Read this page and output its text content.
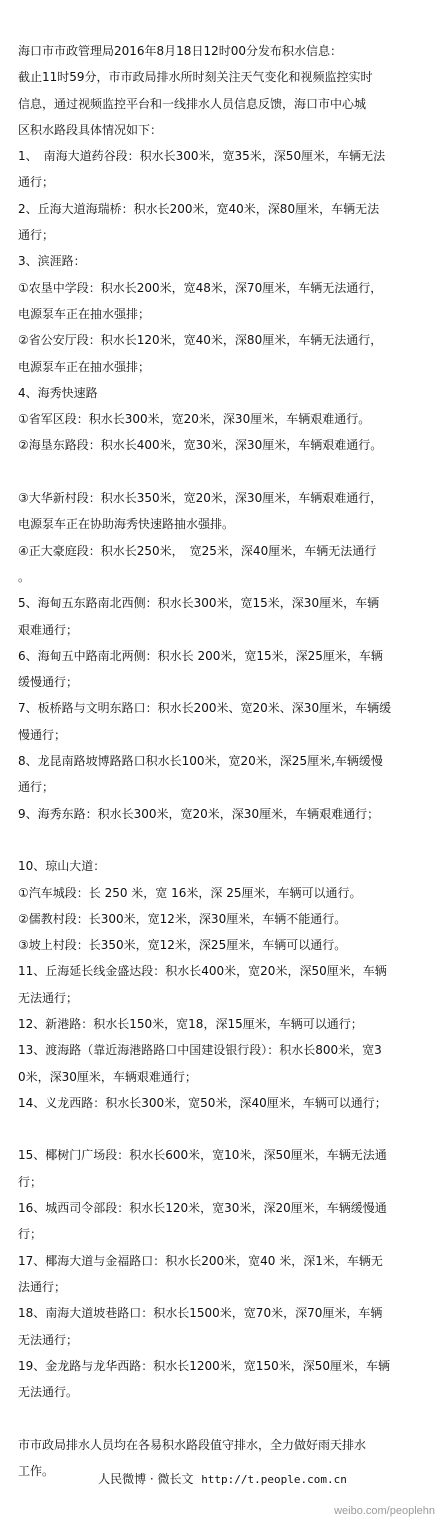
海口市市政管理局2016年8月18日12时00分发布积水信息：

截止11时59分，市市政局排水所时刻关注天气变化和视频监控实时

信息，通过视频监控平台和一线排水人员信息反馈，海口市中心城

区积水路段具体情况如下：

1、　南海大道药谷段：积水长300米，宽35米，深50厘米，车辆无法

通行；

2、丘海大道海瑞桥：积水长200米，宽40米，深80厘米，车辆无法

通行；

3、滨涯路：

①农垦中学段：积水长200米，宽48米，深70厘米，车辆无法通行，

电源泵车正在抽水强排；

②省公安厅段：积水长120米，宽40米，深80厘米，车辆无法通行，

电源泵车正在抽水强排；

4、海秀快速路

①省军区段：积水长300米，宽20米，深30厘米，车辆艰难通行。

②海垦东路段：积水长400米，宽30米，深30厘米，车辆艰难通行。

③大华新村段：积水长350米，宽20米，深30厘米，车辆艰难通行，

电源泵车正在协助海秀快速路抽水强排。

④正大豪庭段：积水长250米，　宽25米，深40厘米，车辆无法通行

。

5、海甸五东路南北西侧：积水长300米，宽15米，深30厘米，车辆

艰难通行；

6、海甸五中路南北两侧：积水长 200米，宽15米，深25厘米，车辆

缓慢通行；

7、板桥路与文明东路口：积水长200米、宽20米、深30厘米，车辆缓

慢通行；

8、龙昆南路坡博路路口积水长100米，宽20米，深25厘米,车辆缓慢

通行；

9、海秀东路：积水长300米，宽20米，深30厘米，车辆艰难通行；

10、琼山大道：

①汽车城段：长 250 米，宽 16米，深 25厘米，车辆可以通行。

②儒教村段：长300米，宽12米，深30厘米，车辆不能通行。

③坡上村段：长350米，宽12米，深25厘米，车辆可以通行。

11、丘海延长线金盛达段：积水长400米，宽20米，深50厘米，车辆

无法通行；

12、新港路：积水长150米，宽18，深15厘米，车辆可以通行；

13、渡海路（靠近海港路路口中国建设银行段）：积水长800米，宽3

0米，深30厘米，车辆艰难通行；

14、义龙西路：积水长300米，宽50米，深40厘米，车辆可以通行；

15、椰树门广场段：积水长600米，宽10米，深50厘米，车辆无法通

行；

16、城西司令部段：积水长120米，宽30米，深20厘米，车辆缓慢通

行；

17、椰海大道与金福路口：积水长200米，宽40 米，深1米，车辆无

法通行；

18、南海大道坡巷路口：积水长1500米，宽70米，深70厘米，车辆

无法通行；

19、金龙路与龙华西路：积水长1200米，宽150米，深50厘米，车辆

无法通行。

市市政局排水人员均在各易积水路段值守排水，全力做好雨天排水

工作。

人民微博 · 微长文 http://t.people.com.cn
weibo.com/peoplehn
